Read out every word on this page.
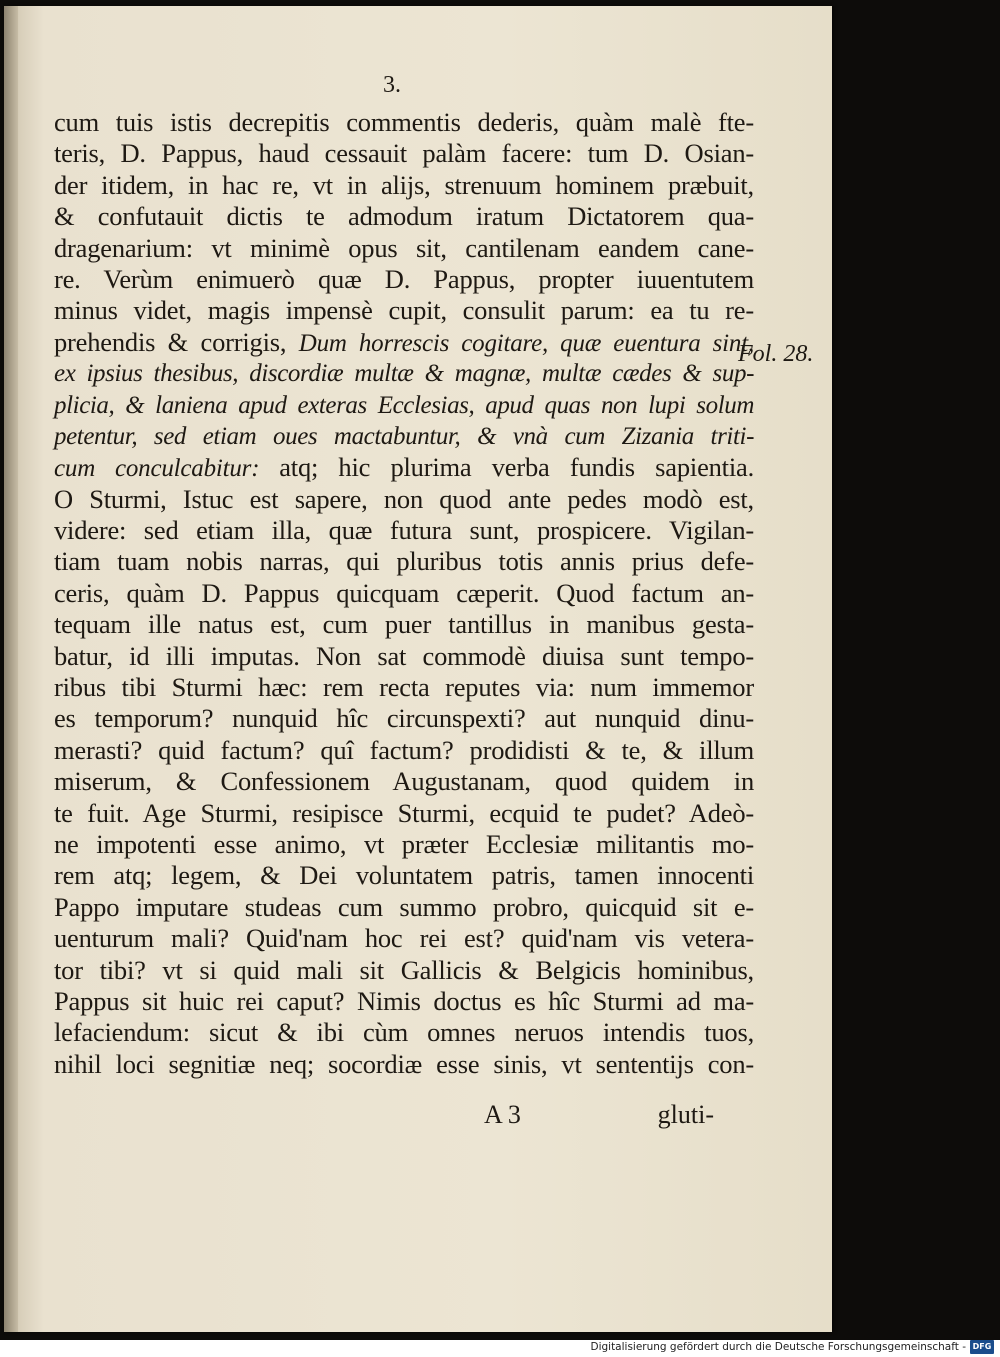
3.
cum tuis istis decrepitis commentis dederis, quàm malè fte-
teris, D. Pappus, haud cessauit palàm facere: tum D. Osian-
der itidem, in hac re, vt in alijs, strenuum hominem præbuit,
& confutauit dictis te admodum iratum Dictatorem qua-
dragenarium: vt minimè opus sit, cantilenam eandem cane-
re. Verùm enimuerò quæ D. Pappus, propter iuuentutem
minus videt, magis impensè cupit, consulit parum: ea tu re-
prehendis & corrigis, Dum horrescis cogitare, quæ euentura sint,
ex ipsius thesibus, discordiæ multæ & magnæ, multæ cædes & sup-
plicia, & laniena apud exteras Ecclesias, apud quas non lupi solum
petentur, sed etiam oues mactabuntur, & vnà cum Zizania triti-
cum conculcabitur: atq; hic plurima verba fundis sapientia.
O Sturmi, Istuc est sapere, non quod ante pedes modò est,
videre: sed etiam illa, quæ futura sunt, prospicere. Vigilan-
tiam tuam nobis narras, qui pluribus totis annis prius defe-
ceris, quàm D. Pappus quicquam cæperit. Quod factum an-
tequam ille natus est, cum puer tantillus in manibus gesta-
batur, id illi imputas. Non sat commodè diuisa sunt tempo-
ribus tibi Sturmi hæc: rem recta reputes via: num immemor
es temporum? nunquid hîc circunspexti? aut nunquid dinu-
merasti? quid factum? quî factum? prodidisti & te, & illum
miserum, & Confessionem Augustanam, quod quidem in
te fuit. Age Sturmi, resipisce Sturmi, ecquid te pudet? Adeò-
ne impotenti esse animo, vt præter Ecclesiæ militantis mo-
rem atq; legem, & Dei voluntatem patris, tamen innocenti
Pappo imputare studeas cum summo probro, quicquid sit e-
uenturum mali? Quid'nam hoc rei est? quid'nam vis vetera-
tor tibi? vt si quid mali sit Gallicis & Belgicis hominibus,
Pappus sit huic rei caput? Nimis doctus es hîc Sturmi ad ma-
lefaciendum: sicut & ibi cùm omnes neruos intendis tuos,
nihil loci segnitiæ neq; socordiæ esse sinis, vt sententijs con-
Fol. 28.
A 3	gluti-
Digitalisierung gefördert durch die Deutsche Forschungsgemeinschaft - DFG
